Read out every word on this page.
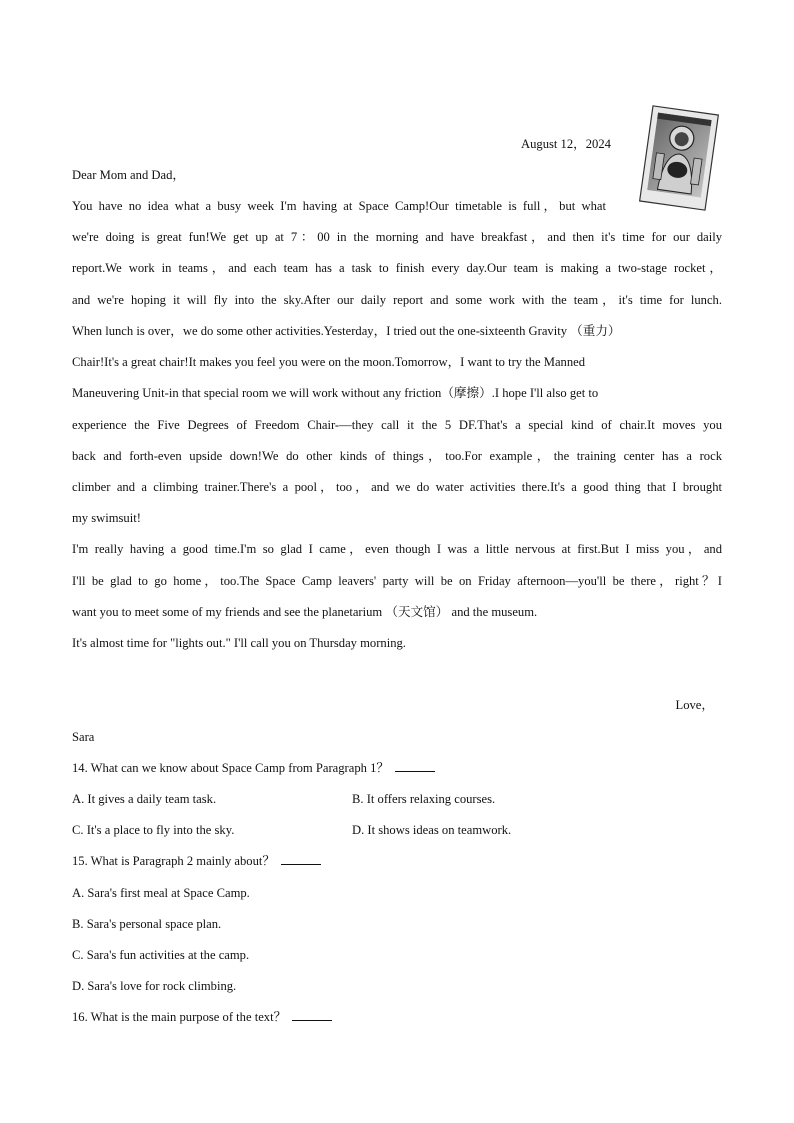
August 12，2024
Dear Mom and Dad，
You have no idea what a busy week I'm having at Space Camp!Our timetable is full，but what
we're doing is great fun!We get up at 7：00 in the morning and have breakfast，and then it's time for our daily
report.We work in teams，and each team has a task to finish every day.Our team is making a two-stage rocket，
and we're hoping it will fly into the sky.After our daily report and some work with the team，it's time for lunch.
When lunch is over，we do some other activities.Yesterday，I tried out the one-sixteenth Gravity （重力）
Chair!It's a great chair!It makes you feel you were on the moon.Tomorrow，I want to try the Manned
Maneuvering Unit-in that special room we will work without any friction（摩擦）.I hope I'll also get to
experience the Five Degrees of Freedom Chair-—they call it the 5 DF.That's a special kind of chair.It moves you
back and forth-even upside down!We do other kinds of things，too.For example，the training center has a rock
climber and a climbing trainer.There's a pool，too，and we do water activities there.It's a good thing that I brought
my swimsuit!
I'm really having a good time.I'm so glad I came，even though I was a little nervous at first.But I miss you，and
I'll be glad to go home，too.The Space Camp leavers' party will be on Friday afternoon—you'll be there，right？I
want you to meet some of my friends and see the planetarium （天文馆） and the museum.
It's almost time for "lights out." I'll call you on Thursday morning.
Love，
Sara
14. What can we know about Space Camp from Paragraph 1？
A. It gives a daily team task.	B. It offers relaxing courses.
C. It's a place to fly into the sky.	D. It shows ideas on teamwork.
15. What is Paragraph 2 mainly about？
A. Sara's first meal at Space Camp.
B. Sara's personal space plan.
C. Sara's fun activities at the camp.
D. Sara's love for rock climbing.
16. What is the main purpose of the text？
